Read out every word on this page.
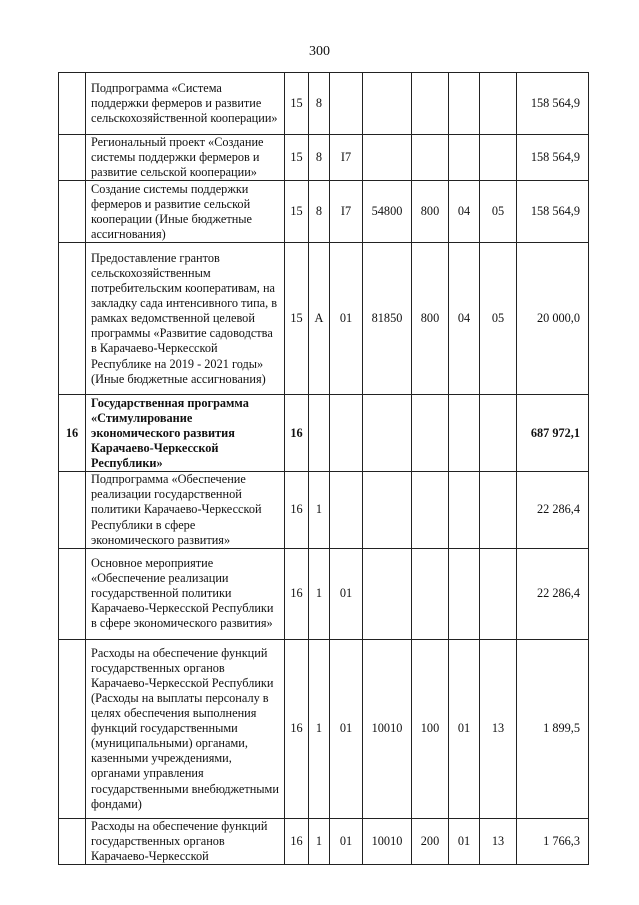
300
	Подпрограмма «Система поддержки фермеров и развитие сельскохозяйственной кооперации»	15	8						158 564,9
	Региональный проект «Создание системы поддержки фермеров и развитие сельской кооперации»	15	8	I7					158 564,9
	Создание системы поддержки фермеров и развитие сельской кооперации (Иные бюджетные ассигнования)	15	8	I7	54800	800	04	05	158 564,9
	Предоставление грантов сельскохозяйственным потребительским кооперативам, на закладку сада интенсивного типа, в рамках ведомственной целевой программы «Развитие садоводства в Карачаево-Черкесской Республике на 2019 - 2021 годы» (Иные бюджетные ассигнования)	15	А	01	81850	800	04	05	20 000,0
16	Государственная программа «Стимулирование экономического развития Карачаево-Черкесской Республики»	16							687 972,1
	Подпрограмма «Обеспечение реализации государственной политики Карачаево-Черкесской Республики в сфере экономического развития»	16	1						22 286,4
	Основное мероприятие «Обеспечение реализации государственной политики Карачаево-Черкесской Республики в сфере экономического развития»	16	1	01					22 286,4
	Расходы на обеспечение функций государственных органов Карачаево-Черкесской Республики (Расходы на выплаты персоналу в целях обеспечения выполнения функций государственными (муниципальными) органами, казенными учреждениями, органами управления государственными внебюджетными фондами)	16	1	01	10010	100	01	13	1 899,5
	Расходы на обеспечение функций государственных органов Карачаево-Черкесской	16	1	01	10010	200	01	13	1 766,3
